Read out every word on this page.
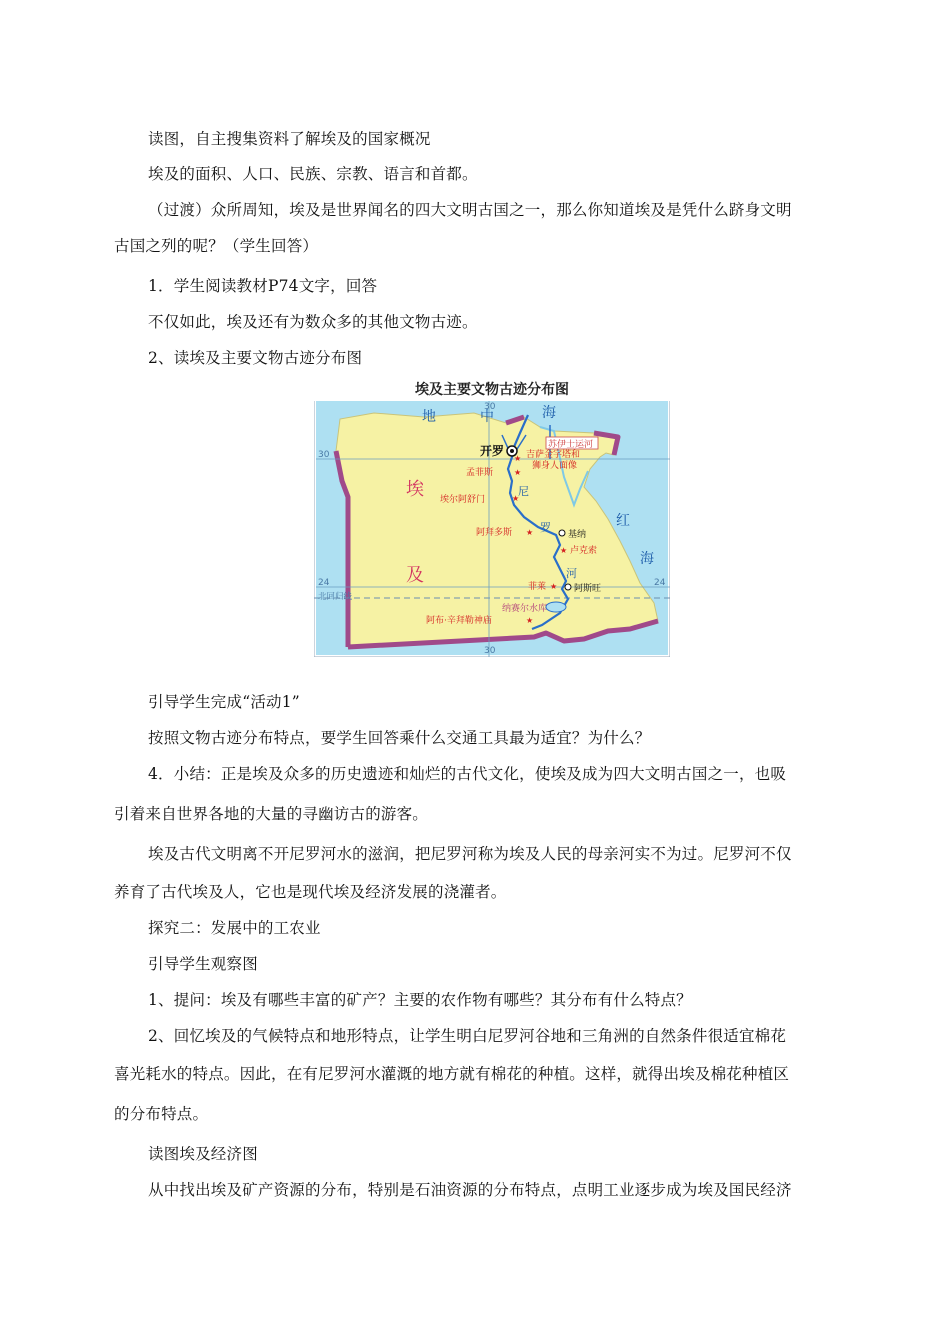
读图，自主搜集资料了解埃及的国家概况
埃及的面积、人口、民族、宗教、语言和首都。
（过渡）众所周知，埃及是世界闻名的四大文明古国之一，那么你知道埃及是凭什么跻身文明
古国之列的呢？（学生回答）
1．学生阅读教材P74文字，回答
不仅如此，埃及还有为数众多的其他文物古迹。
2、读埃及主要文物古迹分布图
埃及主要文物古迹分布图
地	中	海
红
海
埃
及
尼
罗
河
开罗 吉萨金字塔和
狮身人面像
孟菲斯
埃尔阿舒门
阿拜多斯
卢克索
菲莱
阿布·辛拜勒神庙
★
★
★
★
★
★
★
基纳
阿斯旺
苏伊士运河
纳赛尔水库
北回归线
30
30
24	24
30
引导学生完成“活动1”
按照文物古迹分布特点，要学生回答乘什么交通工具最为适宜？为什么？
4．小结：正是埃及众多的历史遗迹和灿烂的古代文化，使埃及成为四大文明古国之一，也吸
引着来自世界各地的大量的寻幽访古的游客。
埃及古代文明离不开尼罗河水的滋润，把尼罗河称为埃及人民的母亲河实不为过。尼罗河不仅
养育了古代埃及人，它也是现代埃及经济发展的浇灌者。
探究二：发展中的工农业
引导学生观察图
1、提问：埃及有哪些丰富的矿产？主要的农作物有哪些？其分布有什么特点？
2、回忆埃及的气候特点和地形特点，让学生明白尼罗河谷地和三角洲的自然条件很适宜棉花
喜光耗水的特点。因此，在有尼罗河水灌溉的地方就有棉花的种植。这样，就得出埃及棉花种植区
的分布特点。
读图埃及经济图
从中找出埃及矿产资源的分布，特别是石油资源的分布特点，点明工业逐步成为埃及国民经济
